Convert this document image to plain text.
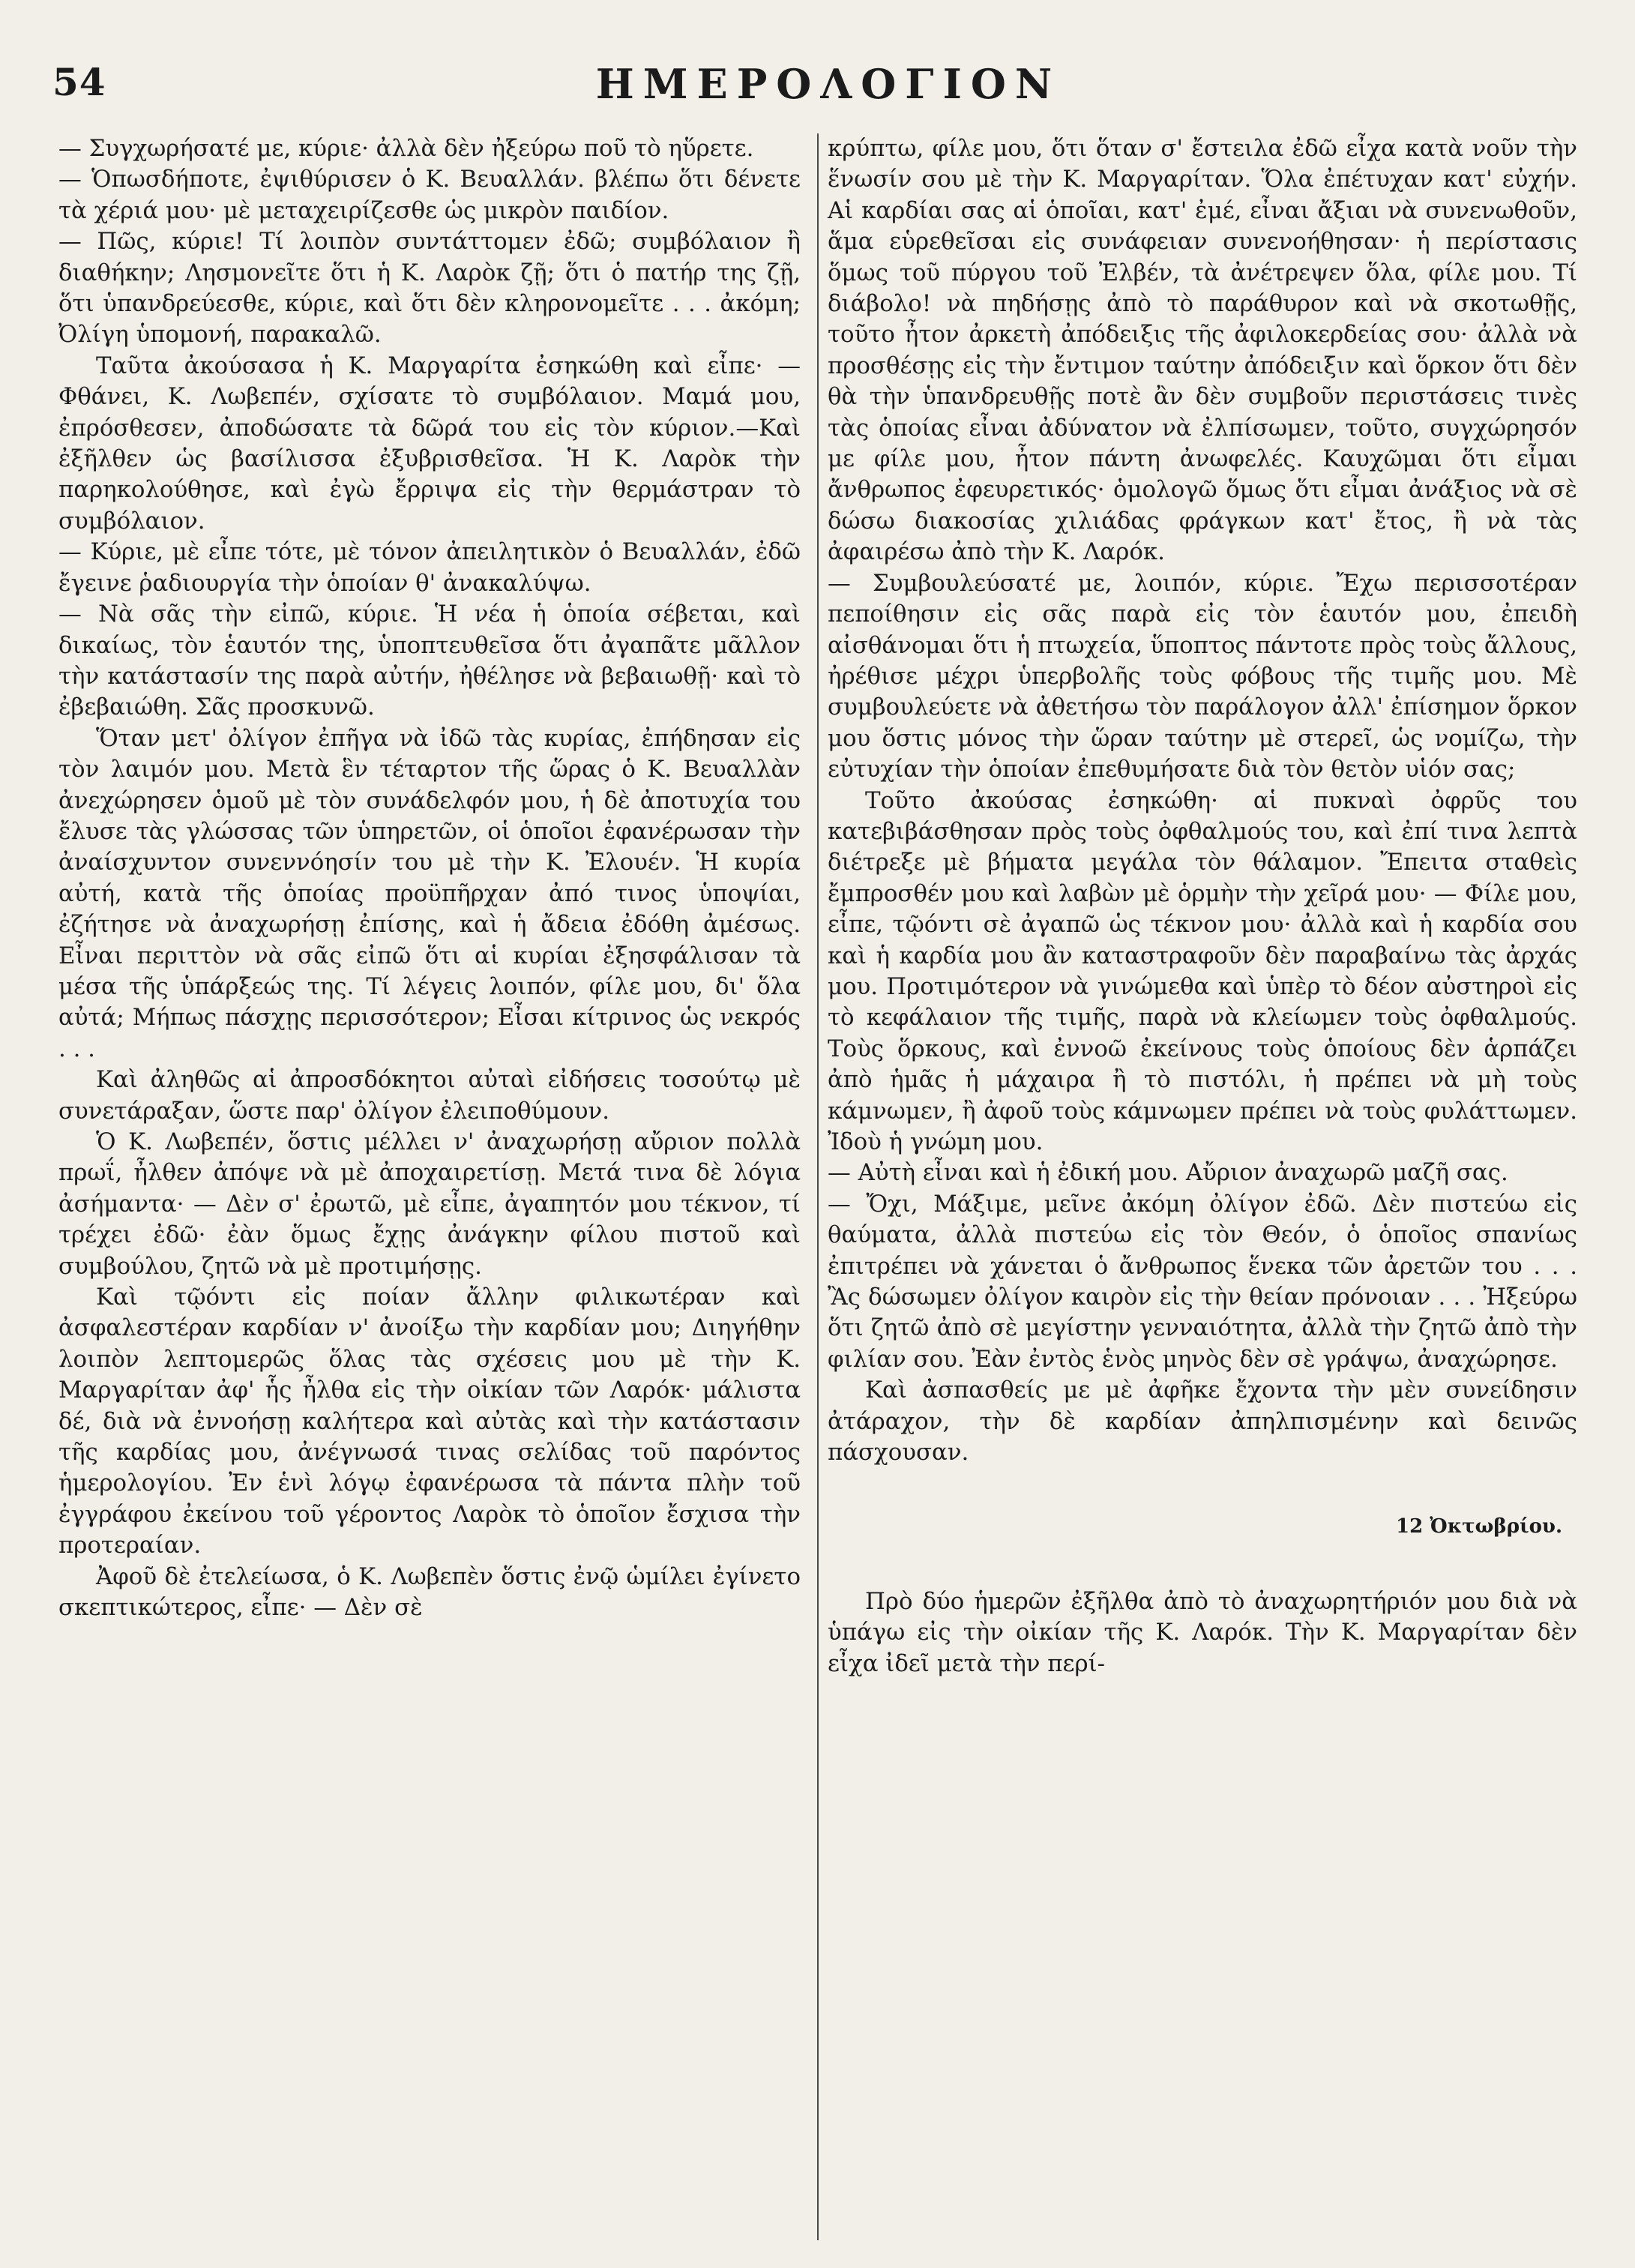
54	ΗΜΕΡΟΛΟΓΙΟΝ

— Συγχωρήσατέ με, κύριε· ἀλλὰ δὲν ἠξεύρω ποῦ τὸ ηὕρετε.

— Ὁπωσδήποτε, ἐψιθύρισεν ὁ Κ. Βευαλλάν. βλέπω ὅτι δένετε τὰ χέριά μου· μὲ μεταχειρίζεσθε ὡς μικρὸν παιδίον.

— Πῶς, κύριε! Τί λοιπὸν συντάττομεν ἐδῶ; συμβόλαιον ἢ διαθήκην; Λησμονεῖτε ὅτι ἡ Κ. Λαρὸκ ζῇ; ὅτι ὁ πατήρ της ζῇ, ὅτι ὑπανδρεύεσθε, κύριε, καὶ ὅτι δὲν κληρονομεῖτε . . . ἀκόμη; Ὀλίγη ὑπομονή, παρακαλῶ.

Ταῦτα ἀκούσασα ἡ Κ. Μαργαρίτα ἐσηκώθη καὶ εἶπε· —Φθάνει, Κ. Λωβεπέν, σχίσατε τὸ συμβόλαιον. Μαμά μου, ἐπρόσθεσεν, ἀποδώσατε τὰ δῶρά του εἰς τὸν κύριον.—Καὶ ἐξῆλθεν ὡς βασίλισσα ἐξυβρισθεῖσα. Ἡ Κ. Λαρὸκ τὴν παρηκολούθησε, καὶ ἐγὼ ἔρριψα εἰς τὴν θερμάστραν τὸ συμβόλαιον.

— Κύριε, μὲ εἶπε τότε, μὲ τόνον ἀπειλητικὸν ὁ Βευαλλάν, ἐδῶ ἔγεινε ῥαδιουργία τὴν ὁποίαν θ' ἀνακαλύψω.

— Νὰ σᾶς τὴν εἰπῶ, κύριε. Ἡ νέα ἡ ὁποία σέβεται, καὶ δικαίως, τὸν ἑαυτόν της, ὑποπτευθεῖσα ὅτι ἀγαπᾶτε μᾶλλον τὴν κατάστασίν της παρὰ αὐτήν, ἠθέλησε νὰ βεβαιωθῇ· καὶ τὸ ἐβεβαιώθη. Σᾶς προσκυνῶ.

Ὅταν μετ' ὀλίγον ἐπῆγα νὰ ἰδῶ τὰς κυρίας, ἐπήδησαν εἰς τὸν λαιμόν μου. Μετὰ ἓν τέταρτον τῆς ὥρας ὁ Κ. Βευαλλὰν ἀνεχώρησεν ὁμοῦ μὲ τὸν συνάδελφόν μου, ἡ δὲ ἀποτυχία του ἔλυσε τὰς γλώσσας τῶν ὑπηρετῶν, οἱ ὁποῖοι ἐφανέρωσαν τὴν ἀναίσχυντον συνεννόησίν του μὲ τὴν Κ. Ἐλουέν. Ἡ κυρία αὐτή, κατὰ τῆς ὁποίας προϋπῆρχαν ἀπό τινος ὑποψίαι, ἐζήτησε νὰ ἀναχωρήσῃ ἐπίσης, καὶ ἡ ἄδεια ἐδόθη ἀμέσως. Εἶναι περιττὸν νὰ σᾶς εἰπῶ ὅτι αἱ κυρίαι ἐξησφάλισαν τὰ μέσα τῆς ὑπάρξεώς της. Τί λέγεις λοιπόν, φίλε μου, δι' ὅλα αὐτά; Μήπως πάσχῃς περισσότερον; Εἶσαι κίτρινος ὡς νεκρός . . .

Καὶ ἀληθῶς αἱ ἀπροσδόκητοι αὐταὶ εἰδήσεις τοσούτῳ μὲ συνετάραξαν, ὥστε παρ' ὀλίγον ἐλειποθύμουν.

Ὁ Κ. Λωβεπέν, ὅστις μέλλει ν' ἀναχωρήσῃ αὔριον πολλὰ πρωΐ, ἦλθεν ἀπόψε νὰ μὲ ἀποχαιρετίσῃ. Μετά τινα δὲ λόγια ἀσήμαντα· — Δὲν σ' ἐρωτῶ, μὲ εἶπε, ἀγαπητόν μου τέκνον, τί τρέχει ἐδῶ· ἐὰν ὅμως ἔχῃς ἀνάγκην φίλου πιστοῦ καὶ συμβούλου, ζητῶ νὰ μὲ προτιμήσῃς.

Καὶ τῷόντι εἰς ποίαν ἄλλην φιλικωτέραν καὶ ἀσφαλεστέραν καρδίαν ν' ἀνοίξω τὴν καρδίαν μου; Διηγήθην λοιπὸν λεπτομερῶς ὅλας τὰς σχέσεις μου μὲ τὴν Κ. Μαργαρίταν ἀφ' ἧς ἦλθα εἰς τὴν οἰκίαν τῶν Λαρόκ· μάλιστα δέ, διὰ νὰ ἐννοήσῃ καλήτερα καὶ αὐτὰς καὶ τὴν κατάστασιν τῆς καρδίας μου, ἀνέγνωσά τινας σελίδας τοῦ παρόντος ἡμερολογίου. Ἐν ἑνὶ λόγῳ ἐφανέρωσα τὰ πάντα πλὴν τοῦ ἐγγράφου ἐκείνου τοῦ γέροντος Λαρὸκ τὸ ὁποῖον ἔσχισα τὴν προτεραίαν.

Ἀφοῦ δὲ ἐτελείωσα, ὁ Κ. Λωβεπὲν ὅστις ἐνῷ ὡμίλει ἐγίνετο σκεπτικώτερος, εἶπε· — Δὲν σὲ

κρύπτω, φίλε μου, ὅτι ὅταν σ' ἔστειλα ἐδῶ εἶχα κατὰ νοῦν τὴν ἕνωσίν σου μὲ τὴν Κ. Μαργαρίταν. Ὅλα ἐπέτυχαν κατ' εὐχήν. Αἱ καρδίαι σας αἱ ὁποῖαι, κατ' ἐμέ, εἶναι ἄξιαι νὰ συνενωθοῦν, ἅμα εὑρεθεῖσαι εἰς συνάφειαν συνενοήθησαν· ἡ περίστασις ὅμως τοῦ πύργου τοῦ Ἐλβέν, τὰ ἀνέτρεψεν ὅλα, φίλε μου. Τί διάβολο! νὰ πηδήσῃς ἀπὸ τὸ παράθυρον καὶ νὰ σκοτωθῇς, τοῦτο ἦτον ἀρκετὴ ἀπόδειξις τῆς ἀφιλοκερδείας σου· ἀλλὰ νὰ προσθέσῃς εἰς τὴν ἔντιμον ταύτην ἀπόδειξιν καὶ ὅρκον ὅτι δὲν θὰ τὴν ὑπανδρευθῇς ποτὲ ἂν δὲν συμβοῦν περιστάσεις τινὲς τὰς ὁποίας εἶναι ἀδύνατον νὰ ἐλπίσωμεν, τοῦτο, συγχώρησόν με φίλε μου, ἦτον πάντη ἀνωφελές. Καυχῶμαι ὅτι εἶμαι ἄνθρωπος ἐφευρετικός· ὁμολογῶ ὅμως ὅτι εἶμαι ἀνάξιος νὰ σὲ δώσω διακοσίας χιλιάδας φράγκων κατ' ἔτος, ἢ νὰ τὰς ἀφαιρέσω ἀπὸ τὴν Κ. Λαρόκ.

— Συμβουλεύσατέ με, λοιπόν, κύριε. Ἔχω περισσοτέραν πεποίθησιν εἰς σᾶς παρὰ εἰς τὸν ἑαυτόν μου, ἐπειδὴ αἰσθάνομαι ὅτι ἡ πτωχεία, ὕποπτος πάντοτε πρὸς τοὺς ἄλλους, ἠρέθισε μέχρι ὑπερβολῆς τοὺς φόβους τῆς τιμῆς μου. Μὲ συμβουλεύετε νὰ ἀθετήσω τὸν παράλογον ἀλλ' ἐπίσημον ὅρκον μου ὅστις μόνος τὴν ὥραν ταύτην μὲ στερεῖ, ὡς νομίζω, τὴν εὐτυχίαν τὴν ὁποίαν ἐπεθυμήσατε διὰ τὸν θετὸν υἱόν σας;

Τοῦτο ἀκούσας ἐσηκώθη· αἱ πυκναὶ ὀφρῦς του κατεβιβάσθησαν πρὸς τοὺς ὀφθαλμούς του, καὶ ἐπί τινα λεπτὰ διέτρεξε μὲ βήματα μεγάλα τὸν θάλαμον. Ἔπειτα σταθεὶς ἔμπροσθέν μου καὶ λαβὼν μὲ ὁρμὴν τὴν χεῖρά μου· — Φίλε μου, εἶπε, τῷόντι σὲ ἀγαπῶ ὡς τέκνον μου· ἀλλὰ καὶ ἡ καρδία σου καὶ ἡ καρδία μου ἂν καταστραφοῦν δὲν παραβαίνω τὰς ἀρχάς μου. Προτιμότερον νὰ γινώμεθα καὶ ὑπὲρ τὸ δέον αὐστηροὶ εἰς τὸ κεφάλαιον τῆς τιμῆς, παρὰ νὰ κλείωμεν τοὺς ὀφθαλμούς. Τοὺς ὅρκους, καὶ ἐννοῶ ἐκείνους τοὺς ὁποίους δὲν ἁρπάζει ἀπὸ ἡμᾶς ἡ μάχαιρα ἢ τὸ πιστόλι, ἡ πρέπει νὰ μὴ τοὺς κάμνωμεν, ἢ ἀφοῦ τοὺς κάμνωμεν πρέπει νὰ τοὺς φυλάττωμεν. Ἰδοὺ ἡ γνώμη μου.

— Αὐτὴ εἶναι καὶ ἡ ἐδική μου. Αὔριον ἀναχωρῶ μαζῆ σας.

— Ὄχι, Μάξιμε, μεῖνε ἀκόμη ὀλίγον ἐδῶ. Δὲν πιστεύω εἰς θαύματα, ἀλλὰ πιστεύω εἰς τὸν Θεόν, ὁ ὁποῖος σπανίως ἐπιτρέπει νὰ χάνεται ὁ ἄνθρωπος ἕνεκα τῶν ἀρετῶν του . . . Ἂς δώσωμεν ὀλίγον καιρὸν εἰς τὴν θείαν πρόνοιαν . . . Ἠξεύρω ὅτι ζητῶ ἀπὸ σὲ μεγίστην γενναιότητα, ἀλλὰ τὴν ζητῶ ἀπὸ τὴν φιλίαν σου. Ἐὰν ἐντὸς ἑνὸς μηνὸς δὲν σὲ γράψω, ἀναχώρησε.

Καὶ ἀσπασθείς με μὲ ἀφῆκε ἔχοντα τὴν μὲν συνείδησιν ἀτάραχον, τὴν δὲ καρδίαν ἀπηλπισμένην καὶ δεινῶς πάσχουσαν.

12 Ὀκτωβρίου.

Πρὸ δύο ἡμερῶν ἐξῆλθα ἀπὸ τὸ ἀναχωρητήριόν μου διὰ νὰ ὑπάγω εἰς τὴν οἰκίαν τῆς Κ. Λαρόκ. Τὴν Κ. Μαργαρίταν δὲν εἶχα ἰδεῖ μετὰ τὴν περί-
